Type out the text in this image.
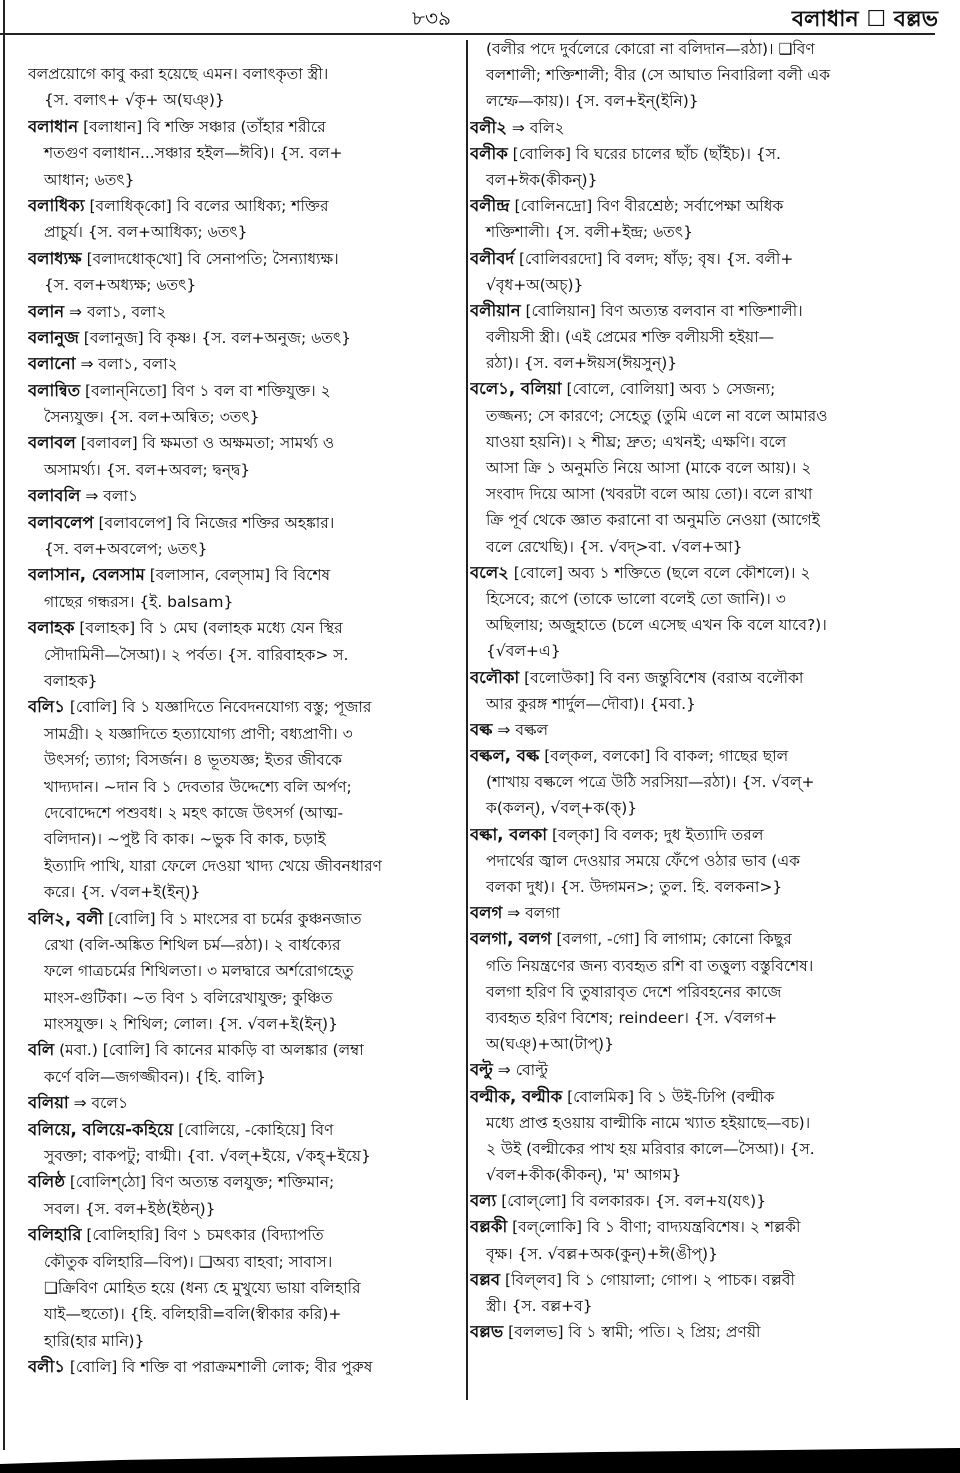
৮৩৯	বলাধান ☐ বল্লভ
বলপ্রয়োগে কাবু করা হয়েছে এমন। বলাৎকৃতা স্ত্রী।
{স. বলাৎ+ √কৃ+ অ(ঘঞ্)}
বলাধান [বলাধান] বি শক্তি সঞ্চার (তাঁহার শরীরে
শতগুণ বলাধান...সঞ্চার হইল—ঈবি)। {স. বল+
আধান; ৬তৎ}
বলাধিক্য [বলাধিক্‌কো] বি বলের আধিক্য; শক্তির
প্রাচুর্য। {স. বল+আধিক্য; ৬তৎ}
বলাধ্যক্ষ [বলাদধোক্‌খো] বি সেনাপতি; সৈন্যাধ্যক্ষ।
{স. বল+অধ্যক্ষ; ৬তৎ}
বলান ⇒ বলা১, বলা২
বলানুজ [বলানুজ] বি কৃষ্ণ। {স. বল+অনুজ; ৬তৎ}
বলানো ⇒ বলা১, বলা২
বলান্বিত [বলান্‌নিতো] বিণ ১ বল বা শক্তিযুক্ত। ২
সৈন্যযুক্ত। {স. বল+অন্বিত; ৩তৎ}
বলাবল [বলাবল] বি ক্ষমতা ও অক্ষমতা; সামর্থ্য ও
অসামর্থ্য। {স. বল+অবল; দ্বন্দ্ব}
বলাবলি ⇒ বলা১
বলাবলেপ [বলাবলেপ] বি নিজের শক্তির অহঙ্কার।
{স. বল+অবলেপ; ৬তৎ}
বলাসান, বেলসাম [বলাসান, বেল্‌সাম] বি বিশেষ
গাছের গন্ধরস। {ই. balsam}
বলাহক [বলাহক] বি ১ মেঘ (বলাহক মধ্যে যেন স্থির
সৌদামিনী—সৈআ)। ২ পর্বত। {স. বারিবাহক> স.
বলাহক}
বলি১ [বোলি] বি ১ যজ্ঞাদিতে নিবেদনযোগ্য বস্তু; পূজার
সামগ্রী। ২ যজ্ঞাদিতে হত্যাযোগ্য প্রাণী; বধ্যপ্রাণী। ৩
উৎসর্গ; ত্যাগ; বিসর্জন। ৪ ভূতযজ্ঞ; ইতর জীবকে
খাদ্যদান। ~দান বি ১ দেবতার উদ্দেশ্যে বলি অর্পণ;
দেবোদ্দেশে পশুবধ। ২ মহৎ কাজে উৎসর্গ (আত্ম-
বলিদান)। ~পুষ্ট বি কাক। ~ভুক বি কাক, চড়াই
ইত্যাদি পাখি, যারা ফেলে দেওয়া খাদ্য খেয়ে জীবনধারণ
করে। {স. √বল+ই(ইন্)}
বলি২, বলী [বোলি] বি ১ মাংসের বা চর্মের কুঞ্চনজাত
রেখা (বলি-অঙ্কিত শিথিল চর্ম—রঠা)। ২ বার্ধক্যের
ফলে গাত্রচর্মের শিথিলতা। ৩ মলদ্বারে অর্শরোগহেতু
মাংস-গুটিকা। ~ত বিণ ১ বলিরেখাযুক্ত; কুঞ্চিত
মাংসযুক্ত। ২ শিথিল; লোল। {স. √বল+ই(ইন্)}
বলি (মবা.) [বোলি] বি কানের মাকড়ি বা অলঙ্কার (লম্বা
কর্ণে বলি—জগজ্জীবন)। {হি. বালি}
বলিয়া ⇒ বলে১
বলিয়ে, বলিয়ে-কহিয়ে [বোলিয়ে, -কোহিয়ে] বিণ
সুবক্তা; বাকপটু; বাগ্মী। {বা. √বল্+ইয়ে, √কহ্+ইয়ে}
বলিষ্ঠ [বোলিশ্‌ঠো] বিণ অত্যন্ত বলযুক্ত; শক্তিমান;
সবল। {স. বল+ইষ্ঠ(ইষ্ঠন্)}
বলিহারি [বোলিহারি] বিণ ১ চমৎকার (বিদ্যাপতি
কৌতুক বলিহারি—বিপ)। ❑অব্য বাহবা; সাবাস।
❑ক্রিবিণ মোহিত হয়ে (ধন্য হে মুখুয্যে ভায়া বলিহারি
যাই—হুতো)। {হি. বলিহারী=বলি(স্বীকার করি)+
হারি(হার মানি)}
বলী১ [বোলি] বি শক্তি বা পরাক্রমশালী লোক; বীর পুরুষ
(বলীর পদে দুর্বলেরে কোরো না বলিদান—রঠা)। ❑বিণ
বলশালী; শক্তিশালী; বীর (সে আঘাত নিবারিলা বলী এক
লম্ফে—কায়)। {স. বল+ইন্(ইনি)}
বলী২ ⇒ বলি২
বলীক [বোলিক] বি ঘরের চালের ছাঁচ (ছাঁইচ)। {স.
বল+ঈক(কীকন্)}
বলীন্দ্র [বোলিনদ্রো] বিণ বীরশ্রেষ্ঠ; সর্বাপেক্ষা অধিক
শক্তিশালী। {স. বলী+ইন্দ্র; ৬তৎ}
বলীবর্দ [বোলিবরদো] বি বলদ; ষাঁড়; বৃষ। {স. বলী+
√বৃধ+অ(অচ্)}
বলীয়ান [বোলিয়ান] বিণ অত্যন্ত বলবান বা শক্তিশালী।
বলীয়সী স্ত্রী। (এই প্রেমের শক্তি বলীয়সী হইয়া—
রঠা)। {স. বল+ঈয়স(ঈয়সুন্)}
বলে১, বলিয়া [বোলে, বোলিয়া] অব্য ১ সেজন্য;
তজ্জন্য; সে কারণে; সেহেতু (তুমি এলে না বলে আমারও
যাওয়া হয়নি)। ২ শীঘ্র; দ্রুত; এখনই; এক্ষণি। বলে
আসা ক্রি ১ অনুমতি নিয়ে আসা (মাকে বলে আয়)। ২
সংবাদ দিয়ে আসা (খবরটা বলে আয় তো)। বলে রাখা
ক্রি পূর্ব থেকে জ্ঞাত করানো বা অনুমতি নেওয়া (আগেই
বলে রেখেছি)। {স. √বদ্>বা. √বল+আ}
বলে২ [বোলে] অব্য ১ শক্তিতে (ছলে বলে কৌশলে)। ২
হিসেবে; রূপে (তাকে ভালো বলেই তো জানি)। ৩
অছিলায়; অজুহাতে (চলে এসেছ এখন কি বলে যাবে?)।
{√বল+এ}
বলৌকা [বলোউকা] বি বন্য জন্তুবিশেষ (বরাঅ বলৌকা
আর কুরঙ্গ শার্দুল—দৌবা)। {মবা.}
বল্ক ⇒ বল্কল
বল্কল, বল্ক [বল্‌কল, বলকো] বি বাকল; গাছের ছাল
(শাখায় বল্কলে পত্রে উঠি সরসিয়া—রঠা)। {স. √বল্+
ক(কলন্), √বল্+ক(ক্)}
বল্কা, বলকা [বল্‌কা] বি বলক; দুধ ইত্যাদি তরল
পদার্থের জ্বাল দেওয়ার সময়ে ফেঁপে ওঠার ভাব (এক
বলকা দুধ)। {স. উদ্গমন>; তুল. হি. বলকনা>}
বলগ ⇒ বলগা
বলগা, বলগ [বলগা, -গো] বি লাগাম; কোনো কিছুর
গতি নিয়ন্ত্রণের জন্য ব্যবহৃত রশি বা তত্তুল্য বস্তুবিশেষ।
বলগা হরিণ বি তুষারাবৃত দেশে পরিবহনের কাজে
ব্যবহৃত হরিণ বিশেষ; reindeer। {স. √বলগ+
অ(ঘঞ্)+আ(টাপ্)}
বল্টু ⇒ বোল্টু
বল্মীক, বল্মীক [বোলমিক] বি ১ উই-ঢিপি (বল্মীক
মধ্যে প্রাপ্ত হওয়ায় বাল্মীকি নামে খ্যাত হইয়াছে—বচ)।
২ উই (বল্মীকের পাখ হয় মরিবার কালে—সৈআ)। {স.
√বল+কীক(কীকন্), 'ম' আগম}
বল্য [বোল্‌লো] বি বলকারক। {স. বল+য(যৎ)}
বল্লকী [বল্‌লোকি] বি ১ বীণা; বাদ্যযন্ত্রবিশেষ। ২ শল্লকী
বৃক্ষ। {স. √বল্ল+অক(কুন্)+ঈ(ঙীপ্)}
বল্লব [বিল্‌লব] বি ১ গোয়ালা; গোপ। ২ পাচক। বল্লবী
স্ত্রী। {স. বল্ল+ব}
বল্লভ [বললভ] বি ১ স্বামী; পতি। ২ প্রিয়; প্রণয়ী
